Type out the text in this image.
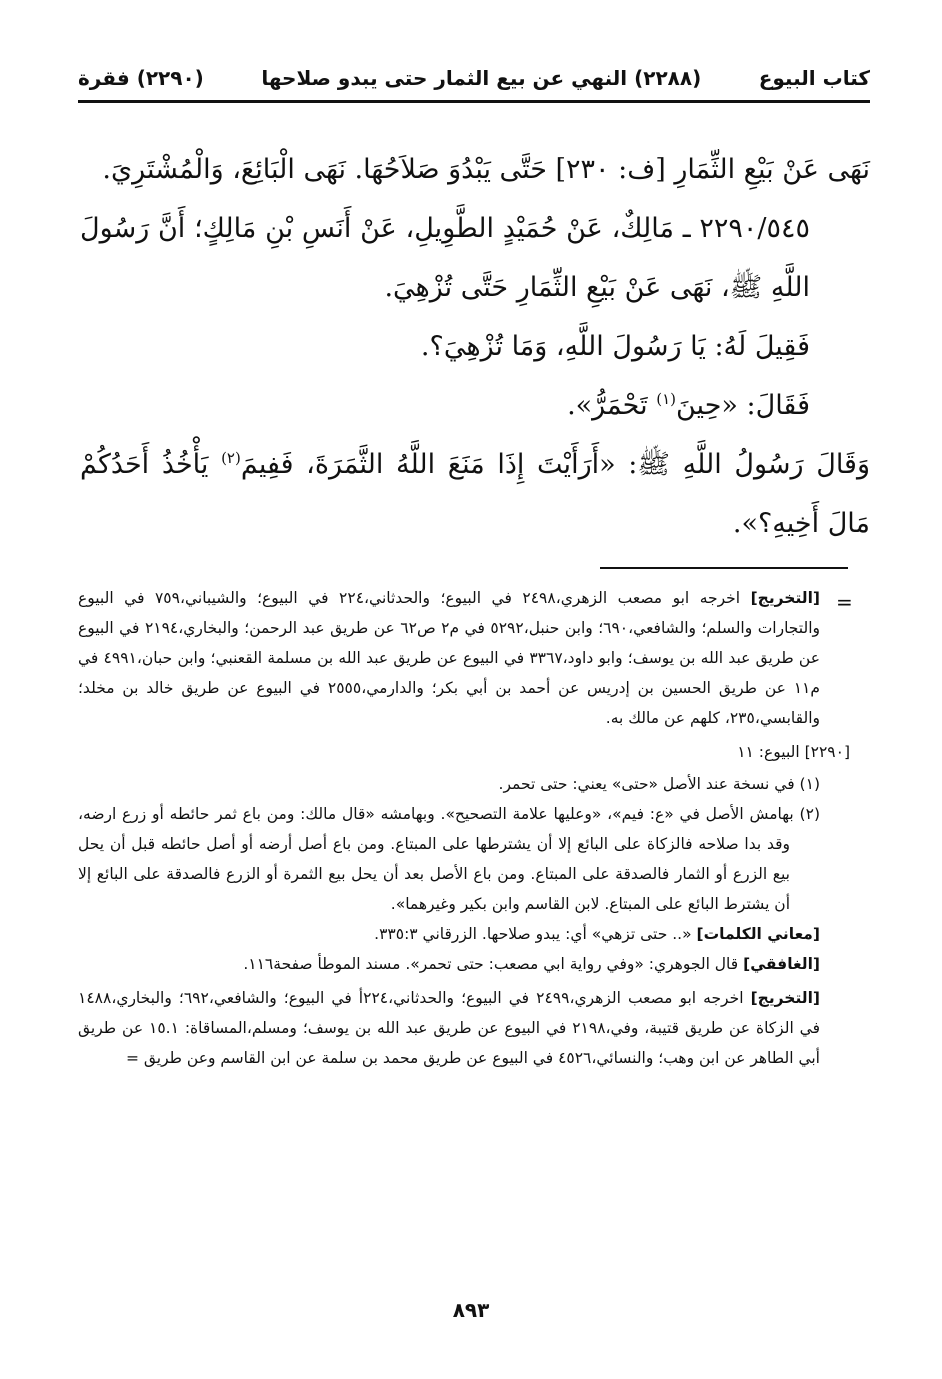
كتاب البيوع
(٢٢٨٨) النهي عن بيع الثمار حتى يبدو صلاحها
(٢٢٩٠) فقرة

نَهَى عَنْ بَيْعِ الثِّمَارِ [ف: ٢٣٠] حَتَّى يَبْدُوَ صَلاَحُهَا. نَهَى الْبَائِعَ، وَالْمُشْتَرِيَ.

٢٢٩٠/٥٤٥ ـ مَالِكٌ، عَنْ حُمَيْدٍ الطَّوِيلِ، عَنْ أَنَسِ بْنِ مَالِكٍ؛ أَنَّ رَسُولَ اللَّهِ ﷺ، نَهَى عَنْ بَيْعِ الثِّمَارِ حَتَّى تُزْهِيَ.

فَقِيلَ لَهُ: يَا رَسُولَ اللَّهِ، وَمَا تُزْهِيَ؟.

فَقَالَ: «حِينَ$^{(١)}$ تَحْمَرُّ».

وَقَالَ رَسُولُ اللَّهِ ﷺ: «أَرَأَيْتَ إِذَا مَنَعَ اللَّهُ الثَّمَرَةَ، فَفِيمَ$^{(٢)}$ يَأْخُذُ أَحَدُكُمْ مَالَ أَخِيهِ؟».

=

[التخريج] اخرجه ابو مصعب الزهري،٢٤٩٨ في البيوع؛ والحدثاني،٢٢٤ في البيوع؛ والشيباني،٧٥٩ في البيوع والتجارات والسلم؛ والشافعي،٦٩٠؛ وابن حنبل،٥٢٩٢ في م٢ ص٦٢ عن طريق عبد الرحمن؛ والبخاري،٢١٩٤ في البيوع عن طريق عبد الله بن يوسف؛ وابو داود،٣٣٦٧ في البيوع عن طريق عبد الله بن مسلمة القعنبي؛ وابن حبان،٤٩٩١ في م١١ عن طريق الحسين بن إدريس عن أحمد بن أبي بكر؛ والدارمي،٢٥٥٥ في البيوع عن طريق خالد بن مخلد؛ والقابسي،٢٣٥، كلهم عن مالك به.

[٢٢٩٠] البيوع: ١١

(١) في نسخة عند الأصل «حتى» يعني: حتى تحمر.

(٢) بهامش الأصل في «ع: فيم»، «وعليها علامة التصحيح». وبهامشه «قال مالك: ومن باع ثمر حائطه أو زرع ارضه، وقد بدا صلاحه فالزكاة على البائع إلا أن يشترطها على المبتاع. ومن باع أصل أرضه أو أصل حائطه قبل أن يحل بيع الزرع أو الثمار فالصدقة على المبتاع. ومن باع الأصل بعد أن يحل بيع الثمرة أو الزرع فالصدقة على البائع إلا أن يشترط البائع على المبتاع. لابن القاسم وابن بكير وغيرهما».

[معاني الكلمات] «.. حتى تزهي» أي: يبدو صلاحها. الزرقاني ٣٣٥:٣.

[الغافقي] قال الجوهري: «وفي رواية ابي مصعب: حتى تحمر». مسند الموطأ صفحة١١٦.

[التخريج] اخرجه ابو مصعب الزهري،٢٤٩٩ في البيوع؛ والحدثاني،٢٢٤أ في البيوع؛ والشافعي،٦٩٢؛ والبخاري،١٤٨٨ في الزكاة عن طريق قتيبة، وفي،٢١٩٨ في البيوع عن طريق عبد الله بن يوسف؛ ومسلم،المساقاة: ١٥.١ عن طريق أبي الطاهر عن ابن وهب؛ والنسائي،٤٥٢٦ في البيوع عن طريق محمد بن سلمة عن ابن القاسم وعن طريق =

٨٩٣
